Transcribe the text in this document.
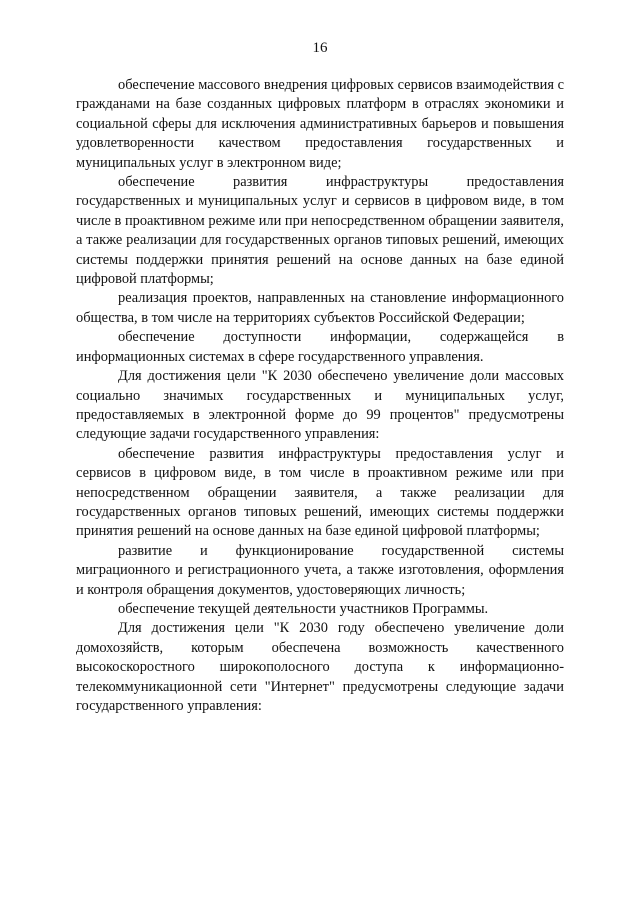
16

обеспечение массового внедрения цифровых сервисов взаимодействия с гражданами на базе созданных цифровых платформ в отраслях экономики и социальной сферы для исключения административных барьеров и повышения удовлетворенности качеством предоставления государственных и муниципальных услуг в электронном виде;

обеспечение развития инфраструктуры предоставления государственных и муниципальных услуг и сервисов в цифровом виде, в том числе в проактивном режиме или при непосредственном обращении заявителя, а также реализации для государственных органов типовых решений, имеющих системы поддержки принятия решений на основе данных на базе единой цифровой платформы;

реализация проектов, направленных на становление информационного общества, в том числе на территориях субъектов Российской Федерации;

обеспечение доступности информации, содержащейся в информационных системах в сфере государственного управления.

Для достижения цели "К 2030 обеспечено увеличение доли массовых социально значимых государственных и муниципальных услуг, предоставляемых в электронной форме до 99 процентов" предусмотрены следующие задачи государственного управления:

обеспечение развития инфраструктуры предоставления услуг и сервисов в цифровом виде, в том числе в проактивном режиме или при непосредственном обращении заявителя, а также реализации для государственных органов типовых решений, имеющих системы поддержки принятия решений на основе данных на базе единой цифровой платформы;

развитие и функционирование государственной системы миграционного и регистрационного учета, а также изготовления, оформления и контроля обращения документов, удостоверяющих личность;

обеспечение текущей деятельности участников Программы.

Для достижения цели "К 2030 году обеспечено увеличение доли домохозяйств, которым обеспечена возможность качественного высокоскоростного широкополосного доступа к информационно-телекоммуникационной сети "Интернет" предусмотрены следующие задачи государственного управления:
